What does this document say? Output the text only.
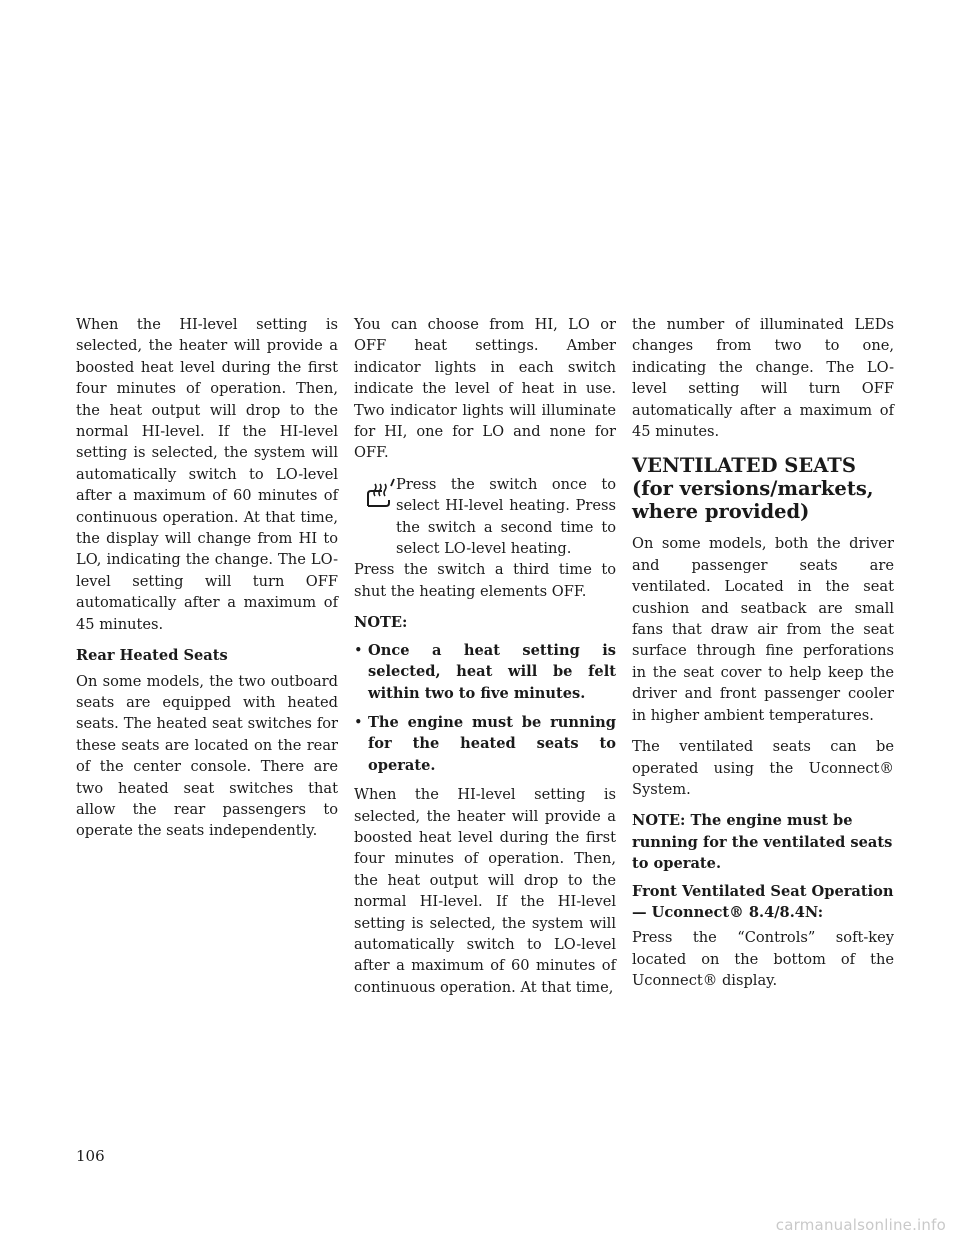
When the HI-level setting is selected, the heater will provide a boosted heat level during the first four minutes of operation. Then, the heat output will drop to the normal HI-level. If the HI-level setting is selected, the system will automatically switch to LO-level after a maximum of 60 minutes of continuous operation. At that time, the display will change from HI to LO, indicating the change. The LO-level setting will turn OFF automatically after a maximum of 45 minutes.

Rear Heated Seats

On some models, the two outboard seats are equipped with heated seats. The heated seat switches for these seats are located on the rear of the center console. There are two heated seat switches that allow the rear passengers to operate the seats independently.

You can choose from HI, LO or OFF heat settings. Amber indicator lights in each switch indicate the level of heat in use. Two indicator lights will illuminate for HI, one for LO and none for OFF.

Press the switch once to select HI-level heating. Press the switch a second time to select LO-level heating.

Press the switch a third time to shut the heating elements OFF.

NOTE:

• Once a heat setting is selected, heat will be felt within two to five minutes.
• The engine must be running for the heated seats to operate.

When the HI-level setting is selected, the heater will provide a boosted heat level during the first four minutes of operation. Then, the heat output will drop to the normal HI-level. If the HI-level setting is selected, the system will automatically switch to LO-level after a maximum of 60 minutes of continuous operation. At that time,

the number of illuminated LEDs changes from two to one, indicating the change. The LO-level setting will turn OFF automatically after a maximum of 45 minutes.

VENTILATED SEATS (for versions/markets, where provided)

On some models, both the driver and passenger seats are ventilated. Located in the seat cushion and seatback are small fans that draw air from the seat surface through fine perforations in the seat cover to help keep the driver and front passenger cooler in higher ambient temperatures.

The ventilated seats can be operated using the Uconnect® System.

NOTE: The engine must be running for the ventilated seats to operate.

Front Ventilated Seat Operation — Uconnect® 8.4/8.4N:

Press the “Controls” soft-key located on the bottom of the Uconnect® display.

106
carmanualsonline.info
